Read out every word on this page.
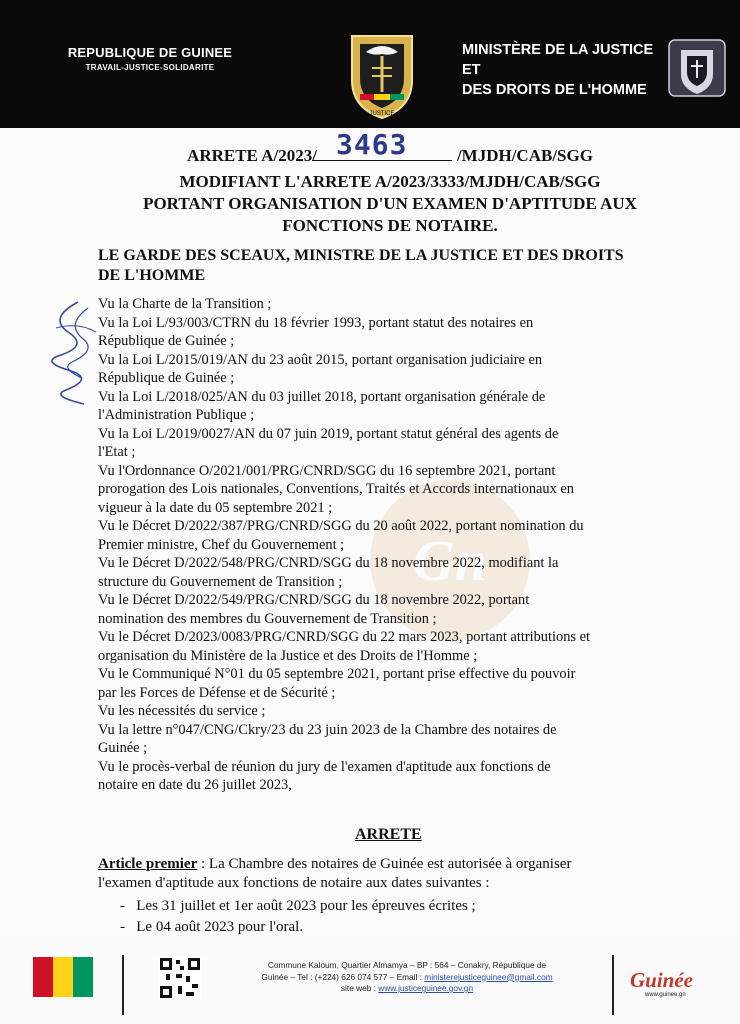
REPUBLIQUE DE GUINEE
TRAVAIL-JUSTICE-SOLIDARITE
JUSTICE
MINISTÈRE DE LA JUSTICE ET
DES DROITS DE L'HOMME
Gn
ARRETE A/2023/	/MJDH/CAB/SGG
3463
MODIFIANT L'ARRETE A/2023/3333/MJDH/CAB/SGG
PORTANT ORGANISATION D'UN EXAMEN D'APTITUDE AUX
FONCTIONS DE NOTAIRE.
LE GARDE DES SCEAUX, MINISTRE DE LA JUSTICE ET DES DROITS
DE L'HOMME
Vu la Charte de la Transition ;
Vu la Loi L/93/003/CTRN du 18 février 1993, portant statut des notaires en
République de Guinée ;
Vu la Loi L/2015/019/AN du 23 août 2015, portant organisation judiciaire en
République de Guinée ;
Vu la Loi L/2018/025/AN du 03 juillet 2018, portant organisation générale de
l'Administration Publique ;
Vu la Loi L/2019/0027/AN du 07 juin 2019, portant statut général des agents de
l'Etat ;
Vu l'Ordonnance O/2021/001/PRG/CNRD/SGG du 16 septembre 2021, portant
prorogation des Lois nationales, Conventions, Traités et Accords internationaux en
vigueur à la date du 05 septembre 2021 ;
Vu le Décret D/2022/387/PRG/CNRD/SGG du 20 août 2022, portant nomination du
Premier ministre, Chef du Gouvernement ;
Vu le Décret D/2022/548/PRG/CNRD/SGG du 18 novembre 2022, modifiant la
structure du Gouvernement de Transition ;
Vu le Décret D/2022/549/PRG/CNRD/SGG du 18 novembre 2022, portant
nomination des membres du Gouvernement de Transition ;
Vu le Décret D/2023/0083/PRG/CNRD/SGG du 22 mars 2023, portant attributions et
organisation du Ministère de la Justice et des Droits de l'Homme ;
Vu le Communiqué N°01 du 05 septembre 2021, portant prise effective du pouvoir
par les Forces de Défense et de Sécurité ;
Vu les nécessités du service ;
Vu la lettre n°047/CNG/Ckry/23 du 23 juin 2023 de la Chambre des notaires de
Guinée ;
Vu le procès-verbal de réunion du jury de l'examen d'aptitude aux fonctions de
notaire en date du 26 juillet 2023,
ARRETE
Article premier : La Chambre des notaires de Guinée est autorisée à organiser
l'examen d'aptitude aux fonctions de notaire aux dates suivantes :
-   Les 31 juillet et 1er août 2023 pour les épreuves écrites ;
-   Le 04 août 2023 pour l'oral.
Commune Kaloum, Quartier Almamya – BP : 564 – Conakry, République de
Guinée – Tel : (+224) 626 074 577 – Email : ministerejusticeguinee@gmail.com
site web : www.justiceguinee.gov.gn	Guinée
www.guinee.gn
